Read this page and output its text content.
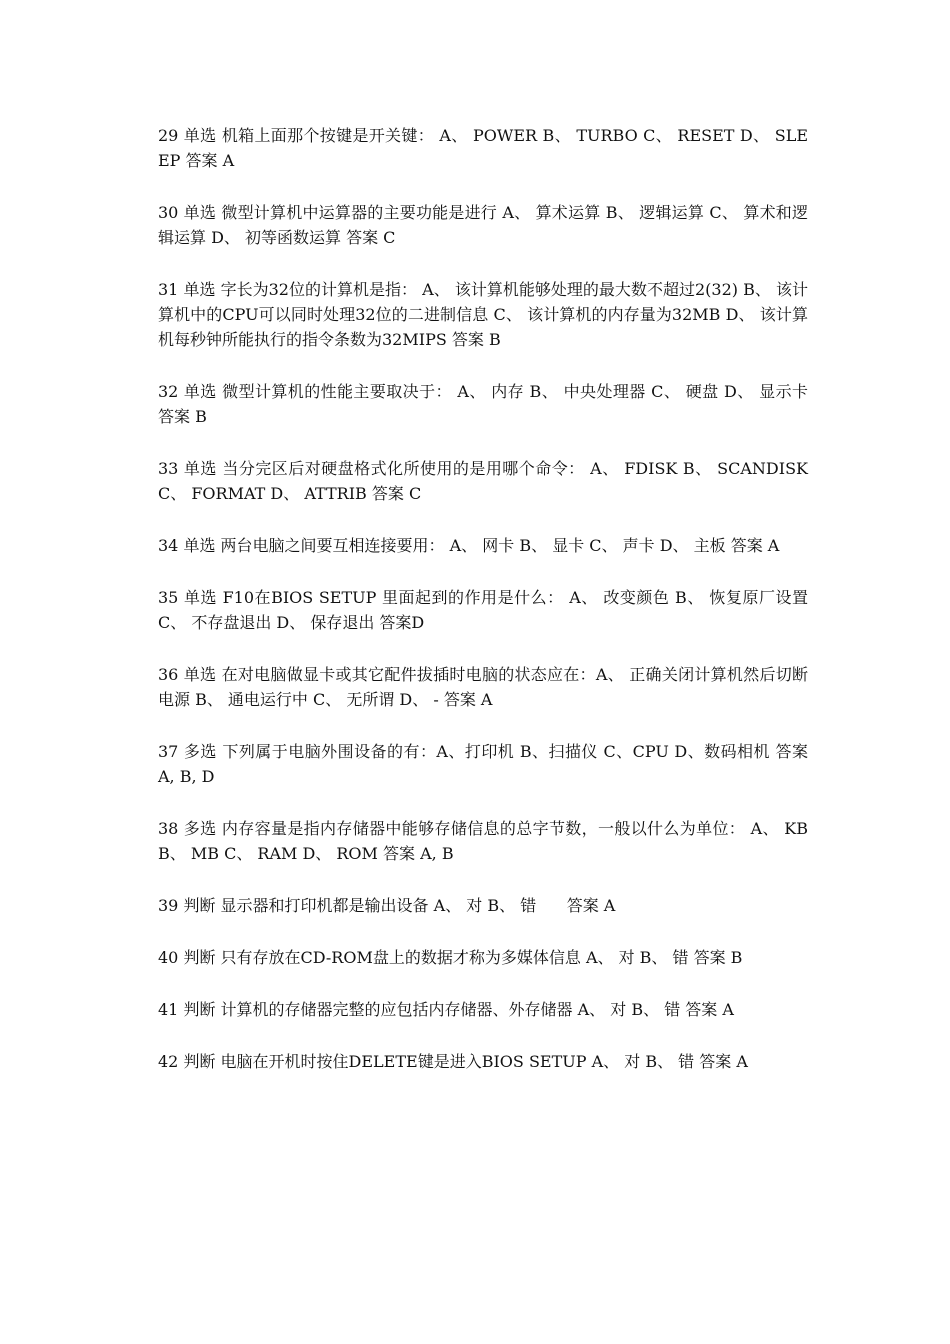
29 单选 机箱上面那个按键是开关键： A、 POWER B、 TURBO C、 RESET D、 SLEEP 答案 A

30 单选 微型计算机中运算器的主要功能是进行 A、 算术运算 B、 逻辑运算 C、 算术和逻辑运算 D、 初等函数运算 答案 C

31 单选 字长为32位的计算机是指： A、 该计算机能够处理的最大数不超过2(32) B、 该计算机中的CPU可以同时处理32位的二进制信息 C、 该计算机的内存量为32MB D、 该计算机每秒钟所能执行的指令条数为32MIPS 答案 B

32 单选 微型计算机的性能主要取决于： A、 内存 B、 中央处理器 C、 硬盘 D、 显示卡 答案 B

33 单选 当分完区后对硬盘格式化所使用的是用哪个命令： A、 FDISK B、 SCANDISK C、 FORMAT D、 ATTRIB 答案 C

34 单选 两台电脑之间要互相连接要用： A、 网卡 B、 显卡 C、 声卡 D、 主板 答案 A

35 单选 F10在BIOS SETUP 里面起到的作用是什么： A、 改变颜色 B、 恢复原厂设置 C、 不存盘退出 D、 保存退出 答案D

36 单选 在对电脑做显卡或其它配件拔插时电脑的状态应在：A、 正确关闭计算机然后切断电源 B、 通电运行中 C、 无所谓 D、 - 答案 A

37 多选 下列属于电脑外围设备的有：A、打印机 B、扫描仪 C、CPU D、数码相机 答案 A, B, D

38 多选 内存容量是指内存储器中能够存储信息的总字节数，一般以什么为单位： A、 KB B、 MB C、 RAM D、 ROM 答案 A, B

39 判断 显示器和打印机都是输出设备 A、 对 B、 错      答案 A

40 判断 只有存放在CD-ROM盘上的数据才称为多媒体信息 A、 对 B、 错 答案 B

41 判断 计算机的存储器完整的应包括内存储器、外存储器 A、 对 B、 错 答案 A

42 判断 电脑在开机时按住DELETE键是进入BIOS SETUP A、 对 B、 错 答案 A
